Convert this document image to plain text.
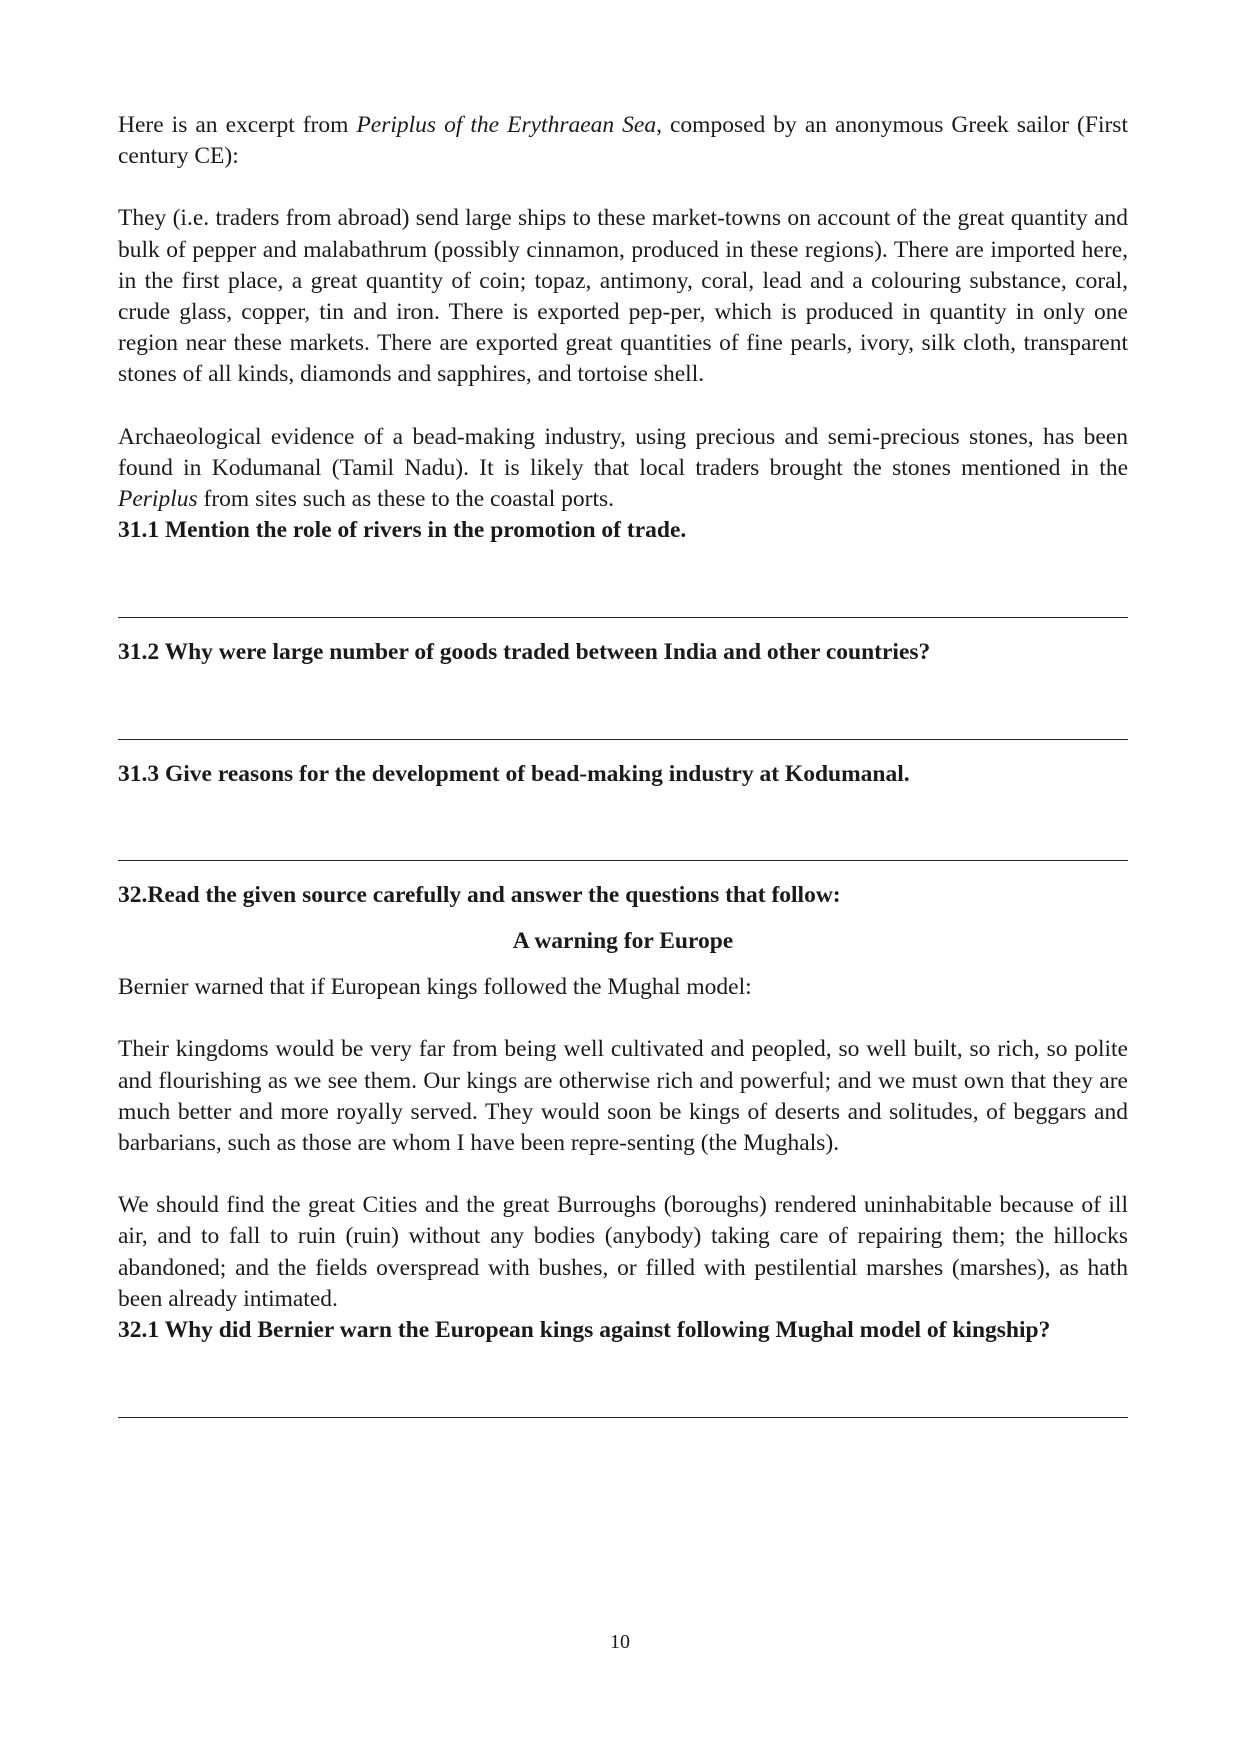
Here is an excerpt from Periplus of the Erythraean Sea, composed by an anonymous Greek sailor (First century CE):

They (i.e. traders from abroad) send large ships to these market-towns on account of the great quantity and bulk of pepper and malabathrum (possibly cinnamon, produced in these regions). There are imported here, in the first place, a great quantity of coin; topaz, antimony, coral, lead and a colouring substance, coral, crude glass, copper, tin and iron. There is exported pep-per, which is produced in quantity in only one region near these markets. There are exported great quantities of fine pearls, ivory, silk cloth, transparent stones of all kinds, diamonds and sapphires, and tortoise shell.

Archaeological evidence of a bead-making industry, using precious and semi-precious stones, has been found in Kodumanal (Tamil Nadu). It is likely that local traders brought the stones mentioned in the Periplus from sites such as these to the coastal ports.

31.1 Mention the role of rivers in the promotion of trade.

31.2 Why were large number of goods traded between India and other countries?

31.3 Give reasons for the development of bead-making industry at Kodumanal.

32.Read the given source carefully and answer the questions that follow:

A warning for Europe

Bernier warned that if European kings followed the Mughal model:

Their kingdoms would be very far from being well cultivated and peopled, so well built, so rich, so polite and flourishing as we see them. Our kings are otherwise rich and powerful; and we must own that they are much better and more royally served. They would soon be kings of deserts and solitudes, of beggars and barbarians, such as those are whom I have been repre-senting (the Mughals).

We should find the great Cities and the great Burroughs (boroughs) rendered uninhabitable because of ill air, and to fall to ruin (ruin) without any bodies (anybody) taking care of repairing them; the hillocks abandoned; and the fields overspread with bushes, or filled with pestilential marshes (marshes), as hath been already intimated.

32.1 Why did Bernier warn the European kings against following Mughal model of kingship?

10
